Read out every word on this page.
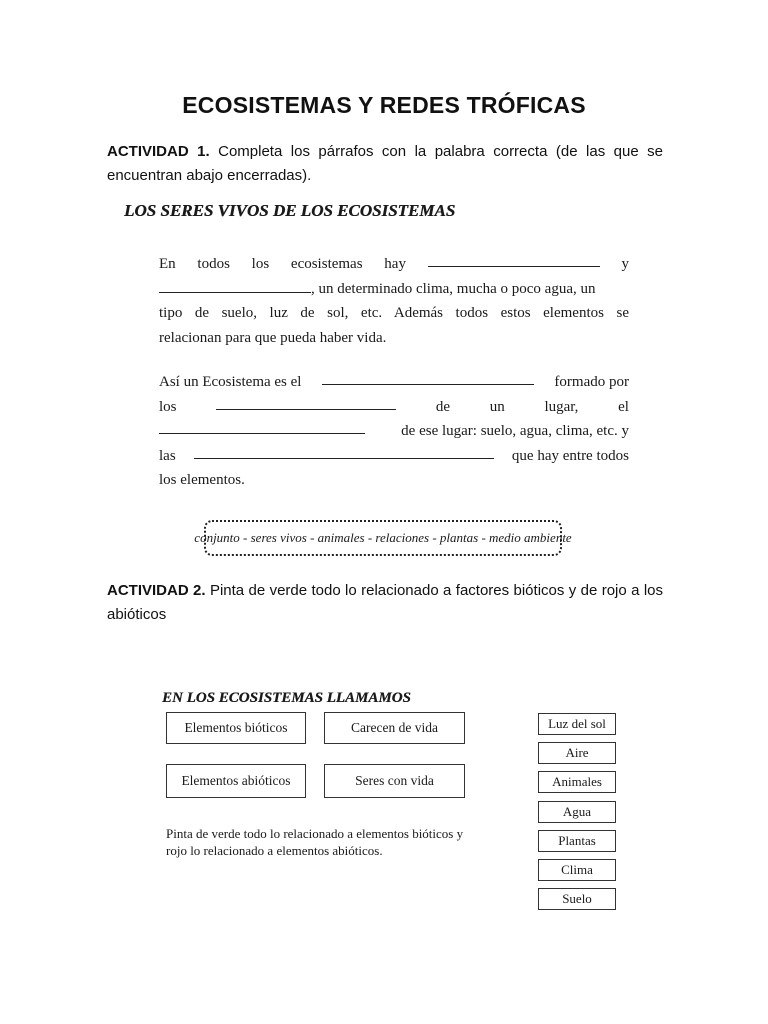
ECOSISTEMAS Y REDES TRÓFICAS
ACTIVIDAD 1. Completa los párrafos con la palabra correcta (de las que se encuentran abajo encerradas).
LOS SERES VIVOS DE LOS ECOSISTEMAS
En todos los ecosistemas hay	y
, un determinado clima, mucha o poco agua, un
tipo de suelo, luz de sol, etc. Además todos estos elementos se
relacionan para que pueda haber vida.
Así un Ecosistema es el	formado por
los	de	un	lugar,	el
de ese lugar: suelo, agua, clima, etc. y
las	que hay entre todos
los elementos.
conjunto - seres vivos - animales - relaciones - plantas - medio ambiente
ACTIVIDAD 2. Pinta de verde todo lo relacionado a factores bióticos y de rojo a los abióticos
EN LOS ECOSISTEMAS LLAMAMOS
Elementos bióticos	Carecen de vida
Elementos abióticos	Seres con vida
Pinta de verde todo lo relacionado a elementos bióticos y rojo lo relacionado a elementos abióticos.
Luz del sol
Aire
Animales
Agua
Plantas
Clima
Suelo
